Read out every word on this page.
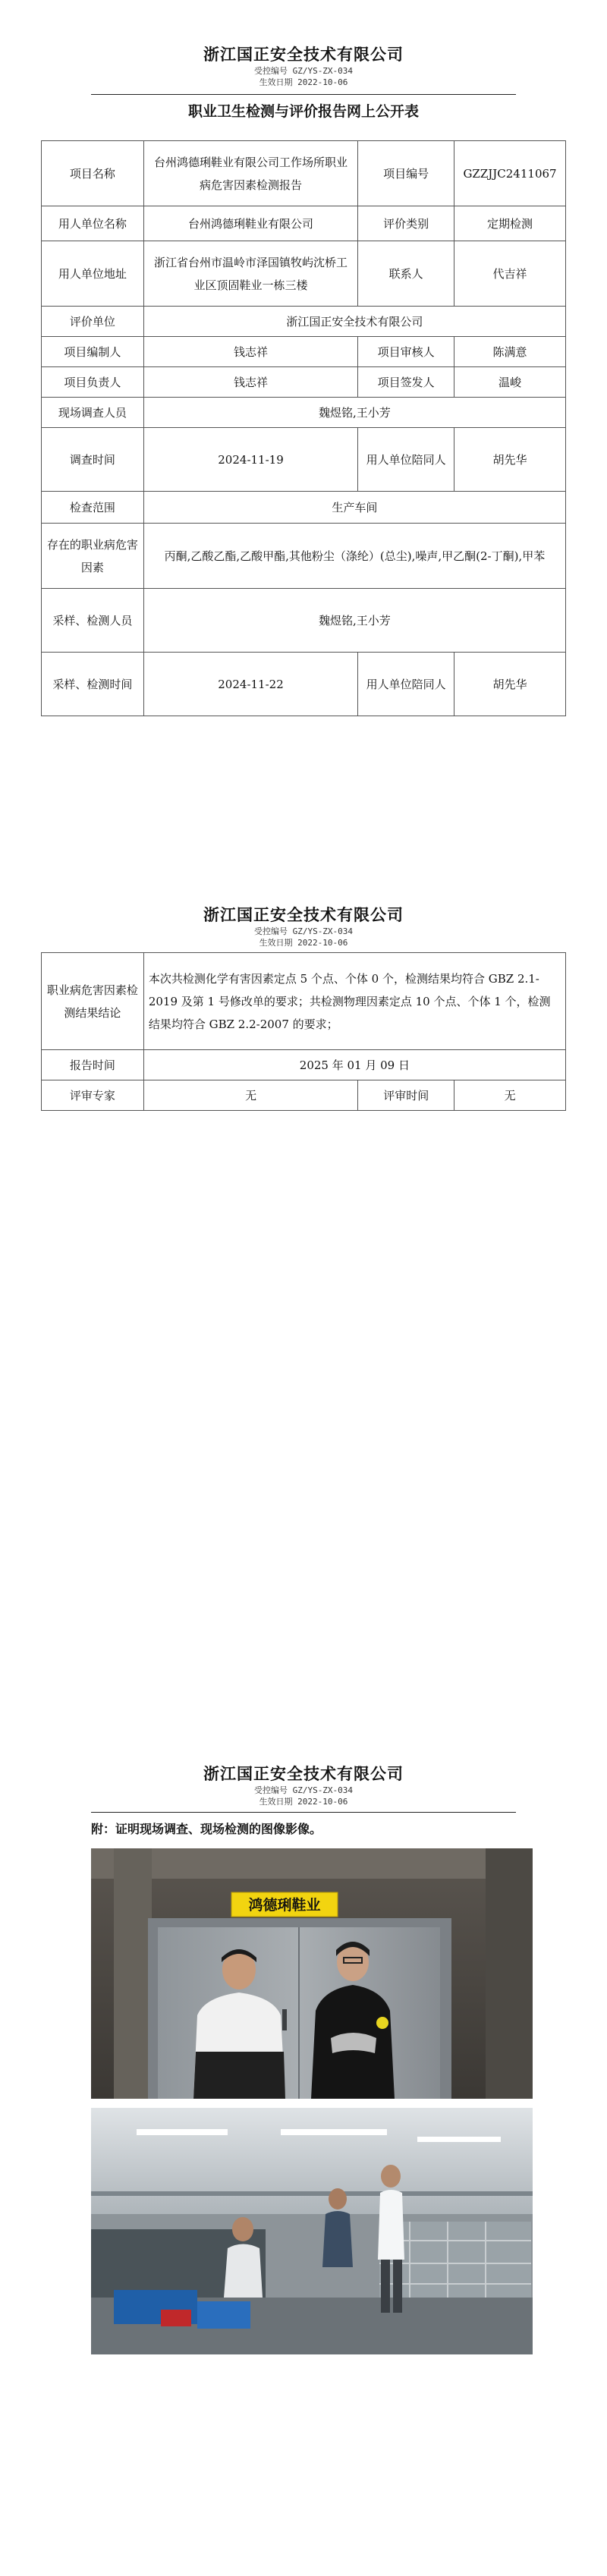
浙江国正安全技术有限公司
受控编号 GZ/YS-ZX-034
生效日期 2022-10-06
职业卫生检测与评价报告网上公开表
项目名称	台州鸿德琍鞋业有限公司工作场所职业病危害因素检测报告	项目编号	GZZJJC2411067
用人单位名称	台州鸿德琍鞋业有限公司	评价类别	定期检测
用人单位地址	浙江省台州市温岭市泽国镇牧屿沈桥工业区顶固鞋业一栋三楼	联系人	代吉祥
评价单位	浙江国正安全技术有限公司		
项目编制人	钱志祥	项目审核人	陈满意
项目负责人	钱志祥	项目签发人	温峻
现场调查人员	魏煜铭,王小芳		
调查时间	2024-11-19	用人单位陪同人	胡先华
检查范围	生产车间		
存在的职业病危害因素	丙酮,乙酸乙酯,乙酸甲酯,其他粉尘（涤纶）(总尘),噪声,甲乙酮(2-丁酮),甲苯		
采样、检测人员	魏煜铭,王小芳		
采样、检测时间	2024-11-22	用人单位陪同人	胡先华
浙江国正安全技术有限公司
受控编号 GZ/YS-ZX-034
生效日期 2022-10-06
职业病危害因素检测结果结论	本次共检测化学有害因素定点 5 个点、个体 0 个，检测结果均符合 GBZ 2.1-2019 及第 1 号修改单的要求；共检测物理因素定点 10 个点、个体 1 个，检测结果均符合 GBZ 2.2-2007 的要求；		
报告时间	2025 年 01 月 09 日		
评审专家	无	评审时间	无
浙江国正安全技术有限公司
受控编号 GZ/YS-ZX-034
生效日期 2022-10-06
附：证明现场调查、现场检测的图像影像。
鸿德琍鞋业
